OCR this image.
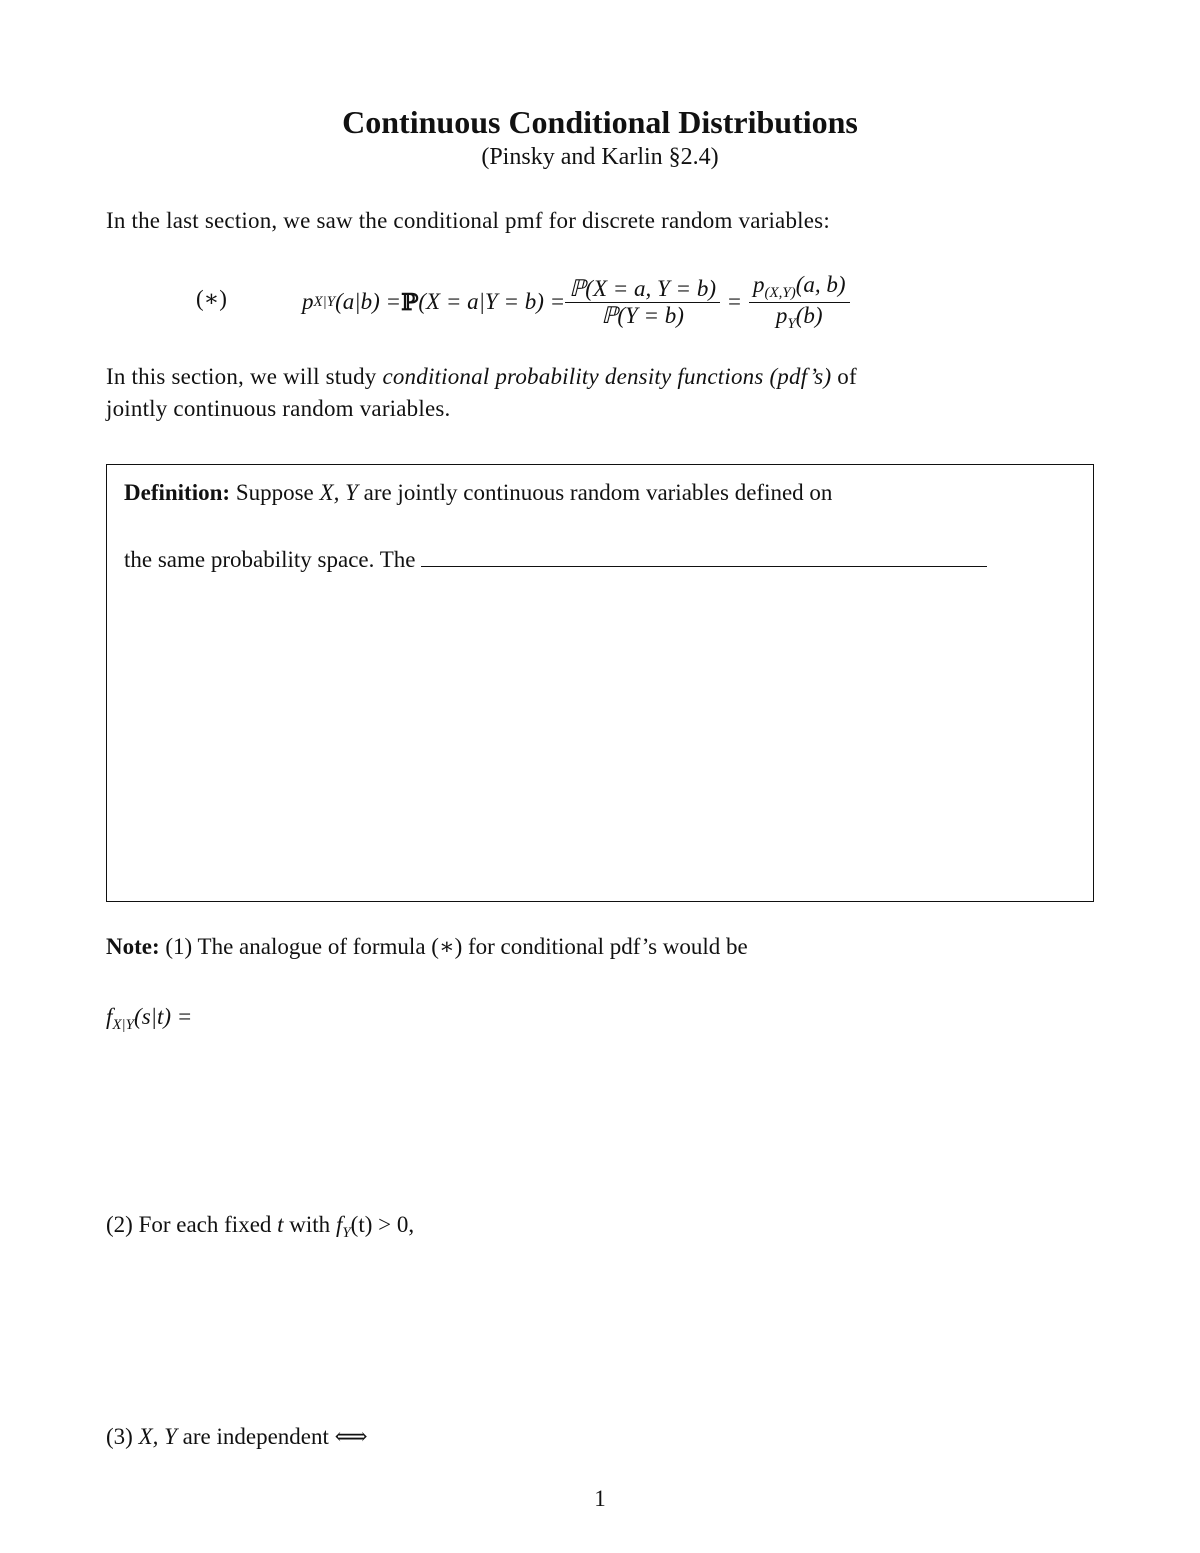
Continuous Conditional Distributions
(Pinsky and Karlin §2.4)
In the last section, we saw the conditional pmf for discrete random variables:
(∗)	p X|Y (a|b) = ℙ $(X = a|Y = b) = \frac{\text{ℙ(X = a, Y = b)}}{\text{ℙ(Y = b)}} = \frac{p_{(X,Y)}(a, b)}{p_Y(b)}$
In this section, we will study conditional probability density functions (pdf’s) of
jointly continuous random variables.
Definition: Suppose X, Y are jointly continuous random variables defined on
the same probability space. The
Note: (1) The analogue of formula (∗) for conditional pdf’s would be
$f_{X|Y}(s|t)$ =
(2) For each fixed t with $f_Y(t) > 0$,
(3) X, Y are independent ⟺
1
